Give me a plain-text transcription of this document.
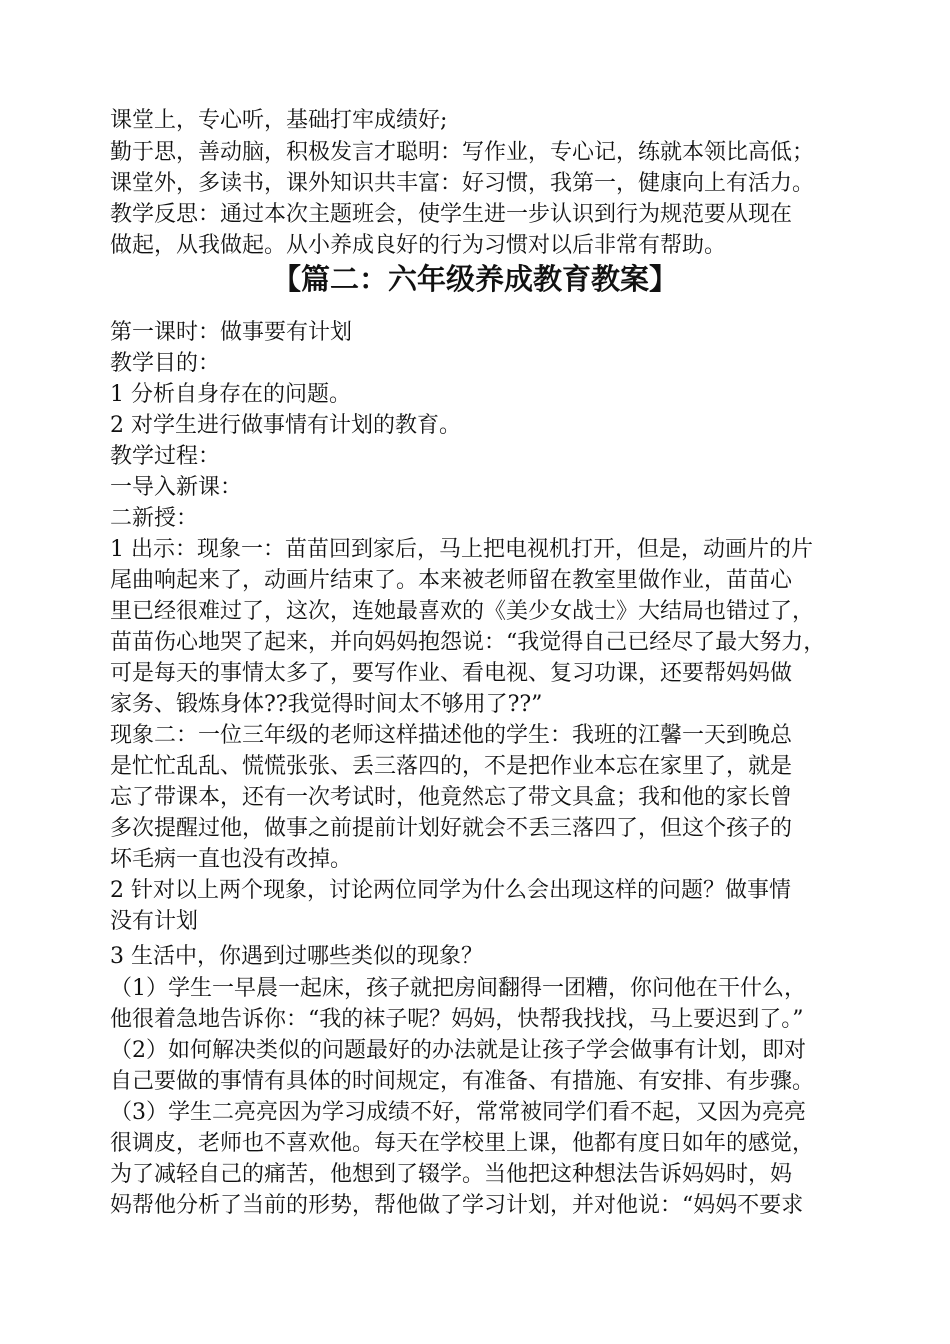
课堂上，专心听，基础打牢成绩好;

勤于思，善动脑，积极发言才聪明：写作业，专心记，练就本领比高低；

课堂外，多读书，课外知识共丰富：好习惯，我第一，健康向上有活力。

教学反思：通过本次主题班会，使学生进一步认识到行为规范要从现在

做起，从我做起。从小养成良好的行为习惯对以后非常有帮助。

【篇二：六年级养成教育教案】

第一课时：做事要有计划

教学目的：

1 分析自身存在的问题。

2 对学生进行做事情有计划的教育。

教学过程：

一导入新课：

二新授：

1 出示：现象一：苗苗回到家后，马上把电视机打开，但是，动画片的片

尾曲响起来了，动画片结束了。本来被老师留在教室里做作业，苗苗心

里已经很难过了，这次，连她最喜欢的《美少女战士》大结局也错过了，

苗苗伤心地哭了起来，并向妈妈抱怨说：“我觉得自己已经尽了最大努力，

可是每天的事情太多了，要写作业、看电视、复习功课，还要帮妈妈做

家务、锻炼身体??我觉得时间太不够用了??”

现象二：一位三年级的老师这样描述他的学生：我班的江馨一天到晚总

是忙忙乱乱、慌慌张张、丢三落四的，不是把作业本忘在家里了，就是

忘了带课本，还有一次考试时，他竟然忘了带文具盒；我和他的家长曾

多次提醒过他，做事之前提前计划好就会不丢三落四了，但这个孩子的

坏毛病一直也没有改掉。

2 针对以上两个现象，讨论两位同学为什么会出现这样的问题？做事情

没有计划

3 生活中，你遇到过哪些类似的现象？

（1）学生一早晨一起床，孩子就把房间翻得一团糟，你问他在干什么，

他很着急地告诉你：“我的袜子呢？妈妈，快帮我找找，马上要迟到了。”

（2）如何解决类似的问题最好的办法就是让孩子学会做事有计划，即对

自己要做的事情有具体的时间规定，有准备、有措施、有安排、有步骤。

（3）学生二亮亮因为学习成绩不好，常常被同学们看不起，又因为亮亮

很调皮，老师也不喜欢他。每天在学校里上课，他都有度日如年的感觉，

为了减轻自己的痛苦，他想到了辍学。当他把这种想法告诉妈妈时，妈

妈帮他分析了当前的形势，帮他做了学习计划，并对他说：“妈妈不要求
